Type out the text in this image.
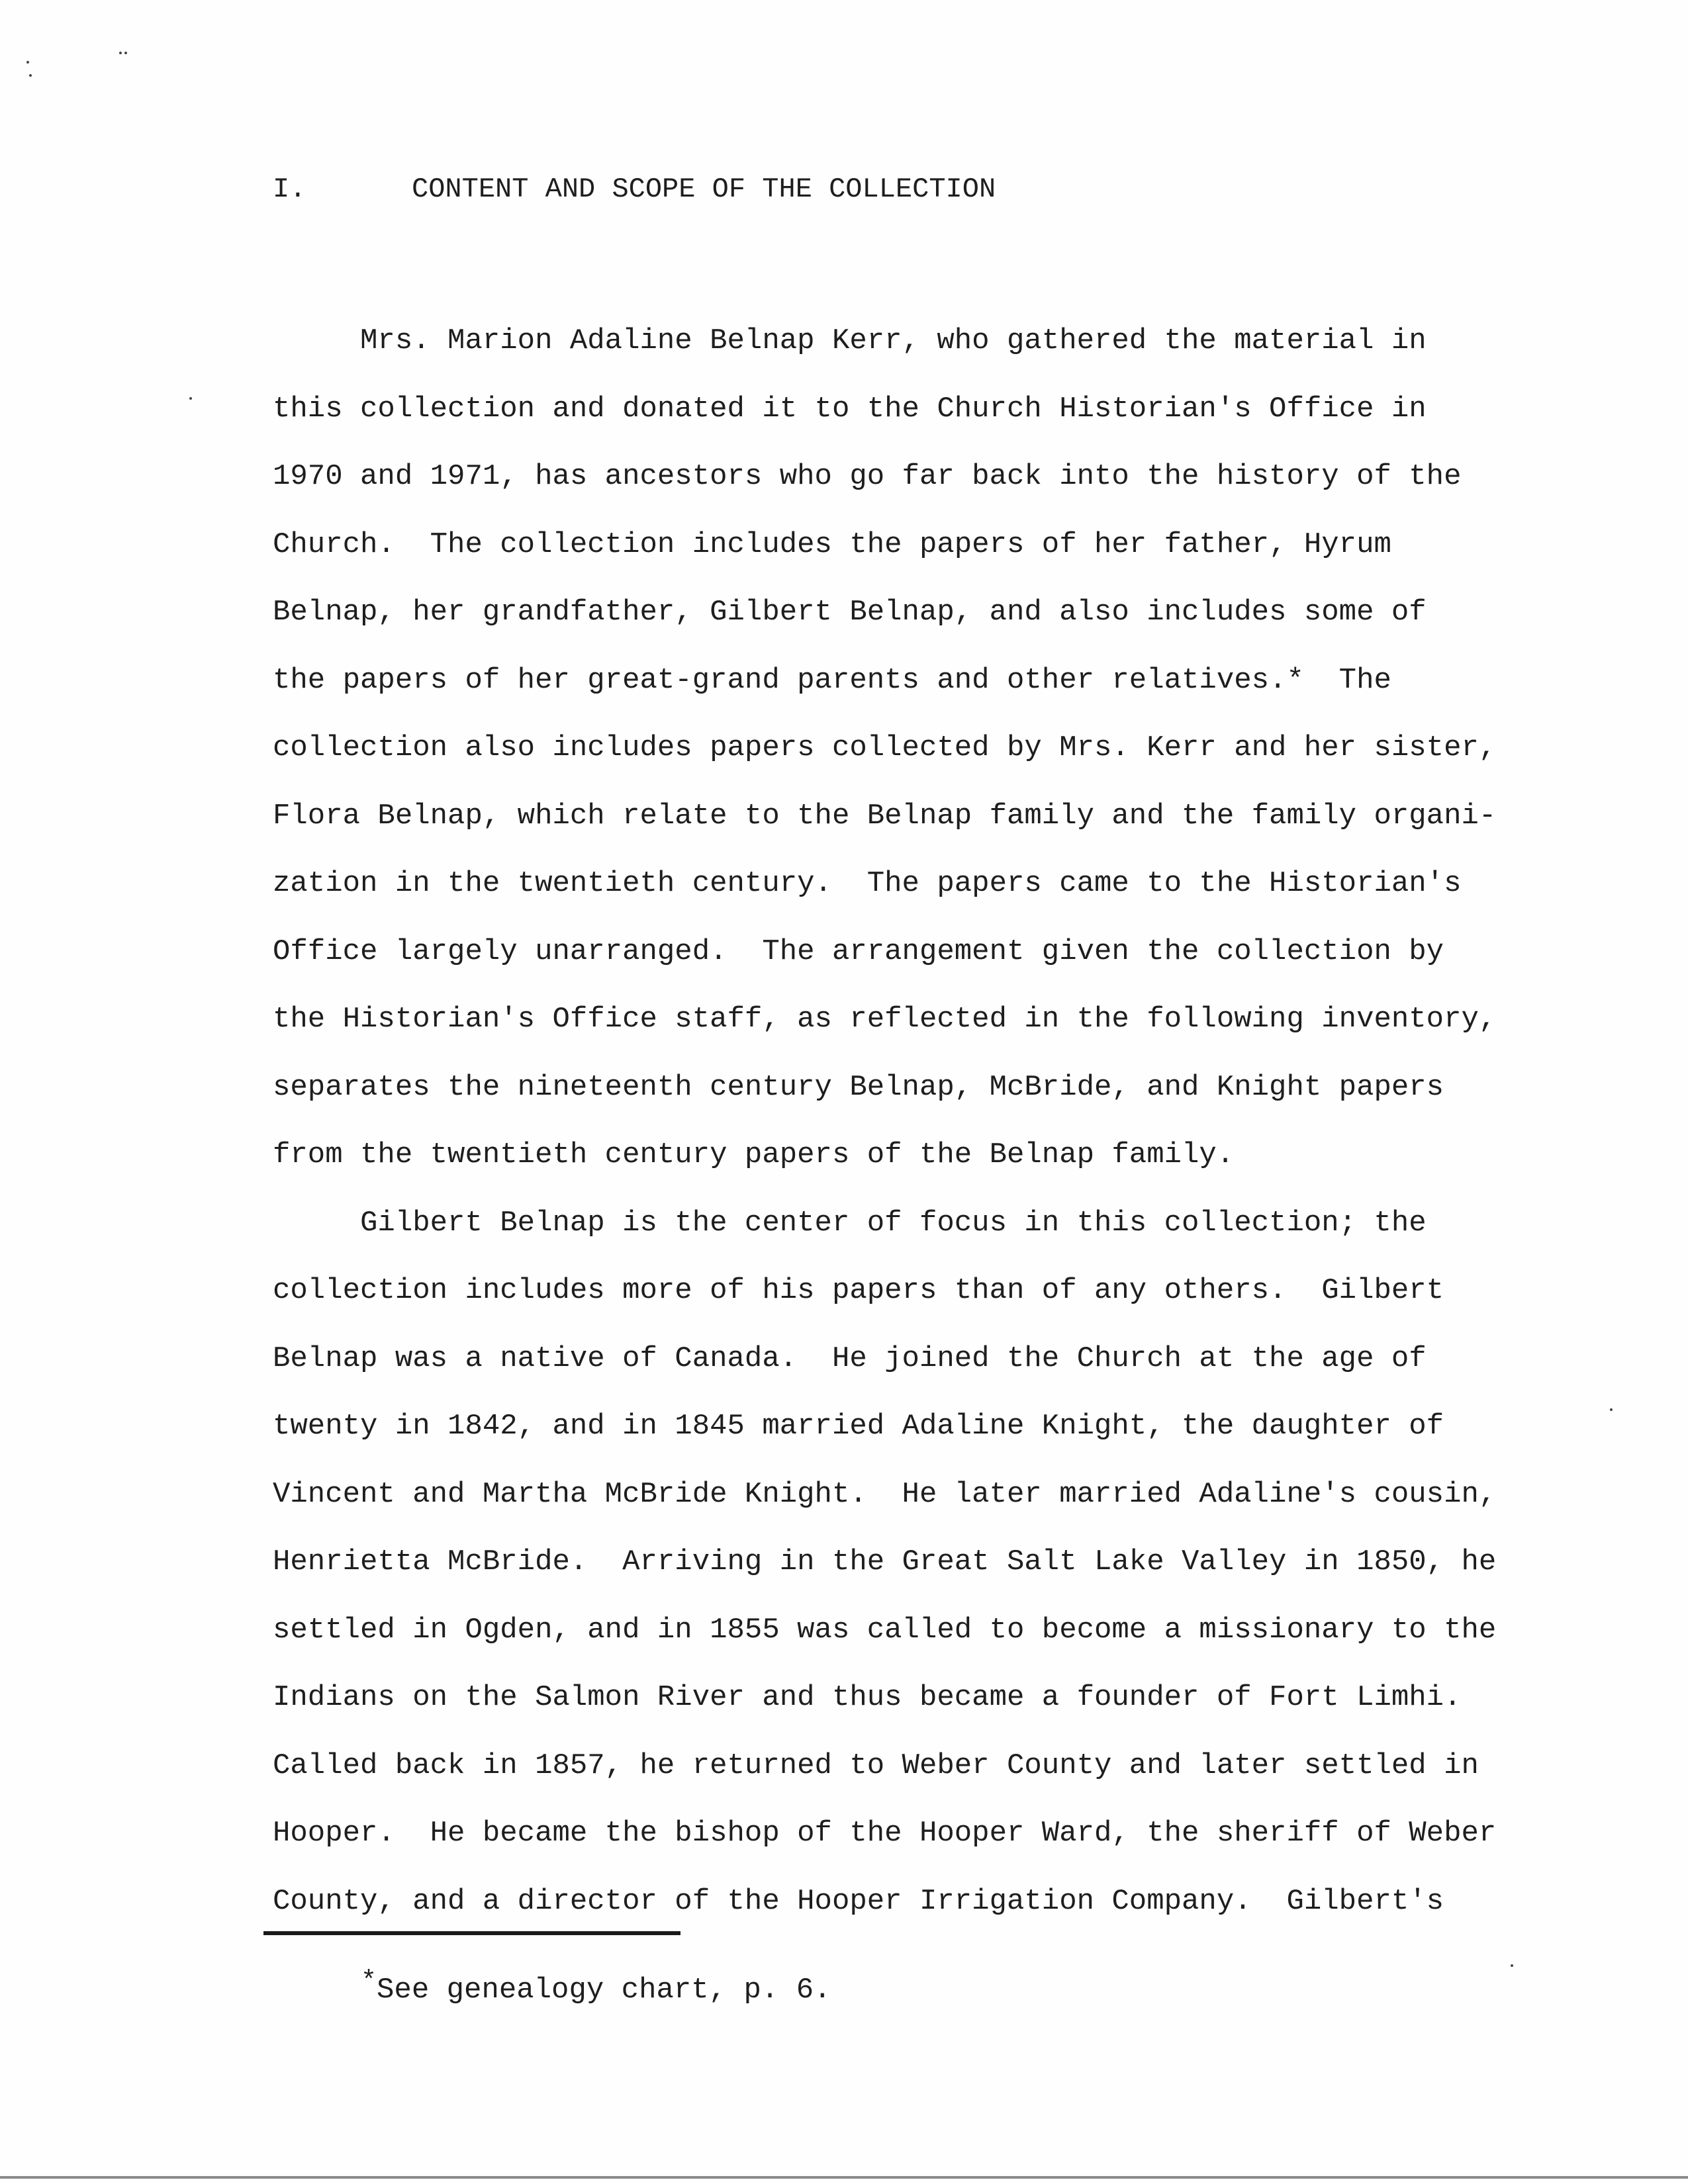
I.

	CONTENT AND SCOPE OF THE COLLECTION

Mrs. Marion Adaline Belnap Kerr, who gathered the material in
this collection and donated it to the Church Historian's Office in
1970 and 1971, has ancestors who go far back into the history of the
Church.  The collection includes the papers of her father, Hyrum
Belnap, her grandfather, Gilbert Belnap, and also includes some of
the papers of her great-grand parents and other relatives.*  The
collection also includes papers collected by Mrs. Kerr and her sister,
Flora Belnap, which relate to the Belnap family and the family organi-
zation in the twentieth century.  The papers came to the Historian's
Office largely unarranged.  The arrangement given the collection by
the Historian's Office staff, as reflected in the following inventory,
separates the nineteenth century Belnap, McBride, and Knight papers
from the twentieth century papers of the Belnap family.
Gilbert Belnap is the center of focus in this collection; the
collection includes more of his papers than of any others.  Gilbert
Belnap was a native of Canada.  He joined the Church at the age of
twenty in 1842, and in 1845 married Adaline Knight, the daughter of
Vincent and Martha McBride Knight.  He later married Adaline's cousin,
Henrietta McBride.  Arriving in the Great Salt Lake Valley in 1850, he
settled in Ogden, and in 1855 was called to become a missionary to the
Indians on the Salmon River and thus became a founder of Fort Limhi.
Called back in 1857, he returned to Weber County and later settled in
Hooper.  He became the bishop of the Hooper Ward, the sheriff of Weber
County, and a director of the Hooper Irrigation Company.  Gilbert's
*See genealogy chart, p. 6.
